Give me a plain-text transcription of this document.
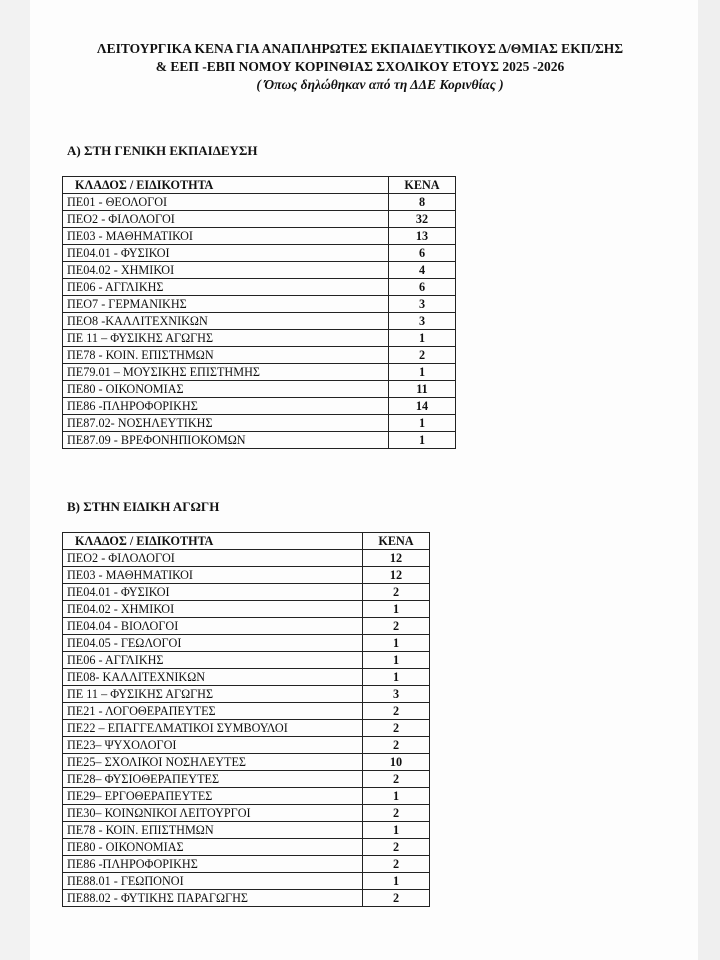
ΛΕΙΤΟΥΡΓΙΚΑ ΚΕΝΑ ΓΙΑ ΑΝΑΠΛΗΡΩΤΕΣ ΕΚΠΑΙΔΕΥΤΙΚΟΥΣ Δ/ΘΜΙΑΣ ΕΚΠ/ΣΗΣ
& ΕΕΠ -ΕΒΠ ΝΟΜΟΥ ΚΟΡΙΝΘΙΑΣ ΣΧΟΛΙΚΟΥ ΕΤΟΥΣ 2025 -2026
( Όπως δηλώθηκαν από τη ΔΔΕ Κορινθίας )
Α) ΣΤΗ ΓΕΝΙΚΗ ΕΚΠΑΙΔΕΥΣΗ
ΚΛΑΔΟΣ / ΕΙΔΙΚΟΤΗΤΑ	ΚΕΝΑ
ΠΕ01 - ΘΕΟΛΟΓΟΙ	8
ΠΕΟ2 - ΦΙΛΟΛΟΓΟΙ	32
ΠΕ03 - ΜΑΘΗΜΑΤΙΚΟΙ	13
ΠΕ04.01 - ΦΥΣΙΚΟΙ	6
ΠΕ04.02 - ΧΗΜΙΚΟΙ	4
ΠΕ06 - ΑΓΓΛΙΚΗΣ	6
ΠΕΟ7 - ΓΕΡΜΑΝΙΚΗΣ	3
ΠΕΟ8 -ΚΑΛΛΙΤΕΧΝΙΚΩΝ	3
ΠΕ 11 – ΦΥΣΙΚΗΣ ΑΓΩΓΗΣ	1
ΠΕ78 - ΚΟΙΝ. ΕΠΙΣΤΗΜΩΝ	2
ΠΕ79.01 – ΜΟΥΣΙΚΗΣ ΕΠΙΣΤΗΜΗΣ	1
ΠΕ80 - ΟΙΚΟΝΟΜΙΑΣ	11
ΠΕ86 -ΠΛΗΡΟΦΟΡΙΚΗΣ	14
ΠΕ87.02- ΝΟΣΗΛΕΥΤΙΚΗΣ	1
ΠΕ87.09 - ΒΡΕΦΟΝΗΠΙΟΚΟΜΩΝ	1
Β) ΣΤΗΝ ΕΙΔΙΚΗ ΑΓΩΓΗ
ΚΛΑΔΟΣ / ΕΙΔΙΚΟΤΗΤΑ	ΚΕΝΑ
ΠΕΟ2 - ΦΙΛΟΛΟΓΟΙ	12
ΠΕ03 - ΜΑΘΗΜΑΤΙΚΟΙ	12
ΠΕ04.01 - ΦΥΣΙΚΟΙ	2
ΠΕ04.02 - ΧΗΜΙΚΟΙ	1
ΠΕ04.04 - ΒΙΟΛΟΓΟΙ	2
ΠΕ04.05 - ΓΕΩΛΟΓΟΙ	1
ΠΕ06 - ΑΓΓΛΙΚΗΣ	1
ΠΕ08- ΚΑΛΛΙΤΕΧΝΙΚΩΝ	1
ΠΕ 11 – ΦΥΣΙΚΗΣ ΑΓΩΓΗΣ	3
ΠΕ21 - ΛΟΓΟΘΕΡΑΠΕΥΤΕΣ	2
ΠΕ22 – ΕΠΑΓΓΕΛΜΑΤΙΚΟΙ ΣΥΜΒΟΥΛΟΙ	2
ΠΕ23– ΨΥΧΟΛΟΓΟΙ	2
ΠΕ25– ΣΧΟΛΙΚΟΙ ΝΟΣΗΛΕΥΤΕΣ	10
ΠΕ28– ΦΥΣΙΟΘΕΡΑΠΕΥΤΕΣ	2
ΠΕ29– ΕΡΓΟΘΕΡΑΠΕΥΤΕΣ	1
ΠΕ30– ΚΟΙΝΩΝΙΚΟΙ ΛΕΙΤΟΥΡΓΟΙ	2
ΠΕ78 - ΚΟΙΝ. ΕΠΙΣΤΗΜΩΝ	1
ΠΕ80 - ΟΙΚΟΝΟΜΙΑΣ	2
ΠΕ86 -ΠΛΗΡΟΦΟΡΙΚΗΣ	2
ΠΕ88.01 - ΓΕΩΠΟΝΟΙ	1
ΠΕ88.02 - ΦΥΤΙΚΗΣ ΠΑΡΑΓΩΓΗΣ	2
